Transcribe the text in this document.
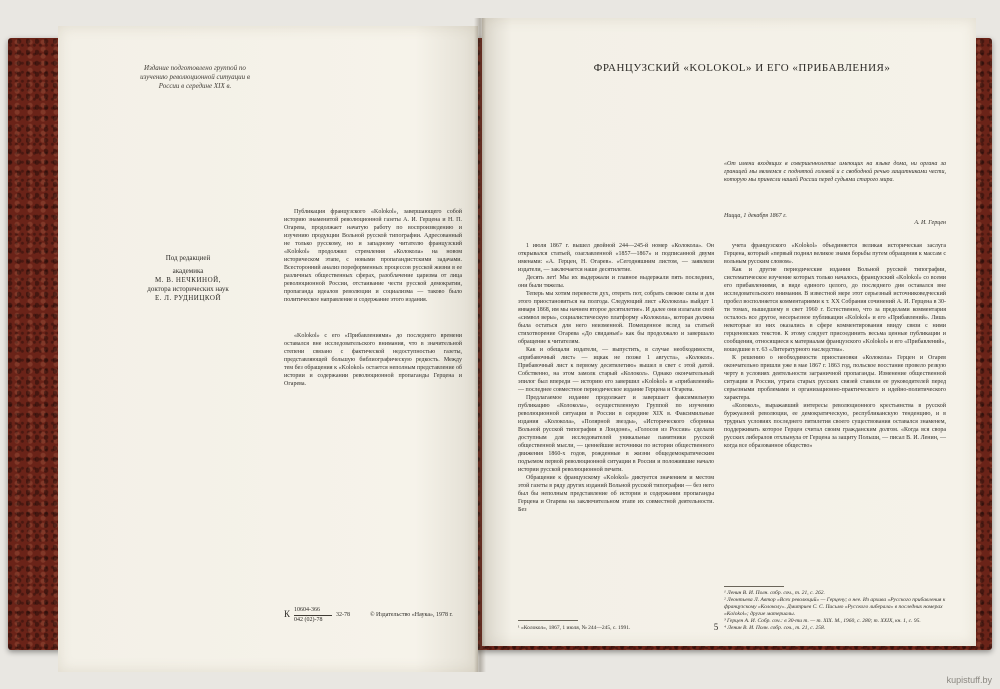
Издание подготовлено группой по изучению революционной ситуации в России в середине XIX в.
Под редакцией
академика
М. В. НЕЧКИНОЙ,
доктора исторических наук
Е. Л. РУДНИЦКОЙ
Публикация французского «Kolokol», завершающего собой историю знаменитой революционной газеты А. И. Герцена и Н. П. Огарева, продолжает начатую работу по воспроизведению и изучению продукции Вольной русской типографии. Адресованный не только русскому, но и западному читателю французский «Kolokol» продолжил стремления «Колокола» на новом историческом этапе, с новыми пропагандистскими задачами. Всесторонний анализ пореформенных процессов русской жизни в ее различных общественных сферах, разоблачение царизма от лица революционной России, отстаивание чести русской демократии, пропаганда идеалов революции и социализма — таково было политическое направление и содержание этого издания.
«Kolokol» с его «Прибавлениями» до последнего времени оставался вне исследовательского внимания, что в значительной степени связано с фактической недоступностью газеты, представляющей большую библиографическую редкость. Между тем без обращения к «Kolokol» остается неполным представление об истории и содержании революционной пропаганды Герцена и Огарева.
К 10604-366
042 (02)-78
32-78	© Издательство «Наука», 1978 г.
ФРАНЦУЗСКИЙ «KOLOKOL» И ЕГО «ПРИБАВЛЕНИЯ»
«От имени входящих в совершеннолетие имеющих на языке дома, ни органа за границей мы являемся с поднятой головой и с свободной речью защитниками чести, которую мы принесли нашей России перед судьями старого мира.
Ницца, 1 декабря 1867 г.
А. И. Герцен

1 июля 1867 г. вышел двойной 244—245-й номер «Колокола». Он открывался статьей, озаглавленной «1857—1867» и подписанной двумя именами: «А. Герцен, Н. Огарев». «Сегодняшним листом, — заявляли издатели, — заключается наше десятилетие.

Десять лет! Мы их выдержали и главное выдержали пять последних, они были тяжелы.

Теперь мы хотим перевести дух, отереть пот, собрать свежие силы и для этого приостановиться на полгода. Следующий лист «Колокола» выйдет 1 января 1868, им мы начнем второе десятилетие». И далее они излагали свой «символ веры», социалистическую платформу «Колокола», которая должна была остаться для него неизменной. Помещенное вслед за статьей стихотворение Огарева «До свиданья!» как бы продолжало и завершало обращение к читателям.

Как и обещали издатели, — выпустить, в случае необходимости, «прибавочный лист» — ицкак не позже 1 августа», «Колокол». Прибавочный лист к первому десятилетию» вышел в свет с этой датой. Собственно, на этом замолк старый «Колокол». Однако окончательный эпилог был впереди — историю его завершил «Kolokol» и «прибавлений» — последнее совместное периодическое издание Герцена и Огарева.

Предлагаемое издание продолжает и завершает факсимильную публикацию «Колокола», осуществленную Группой по изучению революционной ситуации в России в середине XIX в. Факсимильные издания «Колокола», «Полярной звезды», «Исторического сборника Вольной русской типографии в Лондоне», «Голосов из России» сделали доступным для исследователей уникальные памятники русской общественной мысли, — ценнейшие источники по истории общественного движения 1860-х годов, рожденные в жизни общедемократическим подъемом первой революционной ситуации в России и положившие начало истории русской революционной печати.

Обращение к французскому «Kolokol» диктуется значением и местом этой газеты в ряду других изданий Вольной русской типографии — без него был бы неполным представление об истории и содержании пропаганды Герцена и Огарева на заключительном этапе их совместной деятельности. Без

¹ «Колокол», 1867, 1 июля, № 244—245, с. 1991.

учета французского «Kolokol» объединяется великая историческая заслуга Герцена, который «первый поднял великое знамя борьбы путем обращения к массам с вольным русским словом».

Как и другие периодические издания Вольной русской типографии, систематическое изучение которых только началось, французский «Kolokol» со всеми его прибавлениями, в виде единого целого, до последнего дня оставался вне исследовательского внимания. В известной мере этот серьезный источниковедческий пробел восполняется комментариями к т. XX Собрания сочинений А. И. Герцена в 30-ти томах, вышедшему в свет 1960 г. Естественно, что за пределами комментария осталось все другое, несерьезное публикации «Kolokol» и его «Прибавлений». Лишь некоторые из них оказались в сфере комментирования ввиду связи с ними герценовских текстов. К этому следует присоединить весьма ценные публикации и сообщения, относящиеся к материалам французского «Kolokol» и его «Прибавлений», вошедшие в т. 63 «Литературного наследства».

К решению о необходимости приостановки «Колокола» Герцен и Огарев окончательно пришли уже в мае 1867 г. 1863 год, польское восстание провело резкую черту в условиях деятельности заграничной пропаганды. Изменение общественной ситуации в России, утрата старых русских связей ставили ее руководителей перед серьезными проблемами и организационно-практического и идейно-политического характера.

«Колокол», выражавший интересы революционного крестьянства в русской буржуазной революции, ее демократическую, республиканскую тенденцию, и в трудных условиях последнего пятилетия своего существования оставался знаменем, поддерживать которое Герцен считал своим гражданским долгом. «Когда вся свора русских либералов отхлынула от Герцена за защиту Польши, — писал В. И. Ленин, — когда все образованное общество»

¹ Ленин В. И. Полн. собр. соч., т. 21, с. 262.
² Леонтьева Л. Автор «Всех революций» — Герцену; о нее. Из архива «Русского прибавления к французскому «Колоколу». Дмитриев С. С. Письмо «Русского либерала» в последних номерах «Kolokol»; другие материалы.
³ Герцен А. И. Собр. соч.: в 30-ти т. — т. XIX. М., 1960, с. 280; т. XXIX, кн. 1, с. 95.
⁴ Ленин В. И. Полн. собр. соч., т. 21, с. 258.
5
kupistuff.by
